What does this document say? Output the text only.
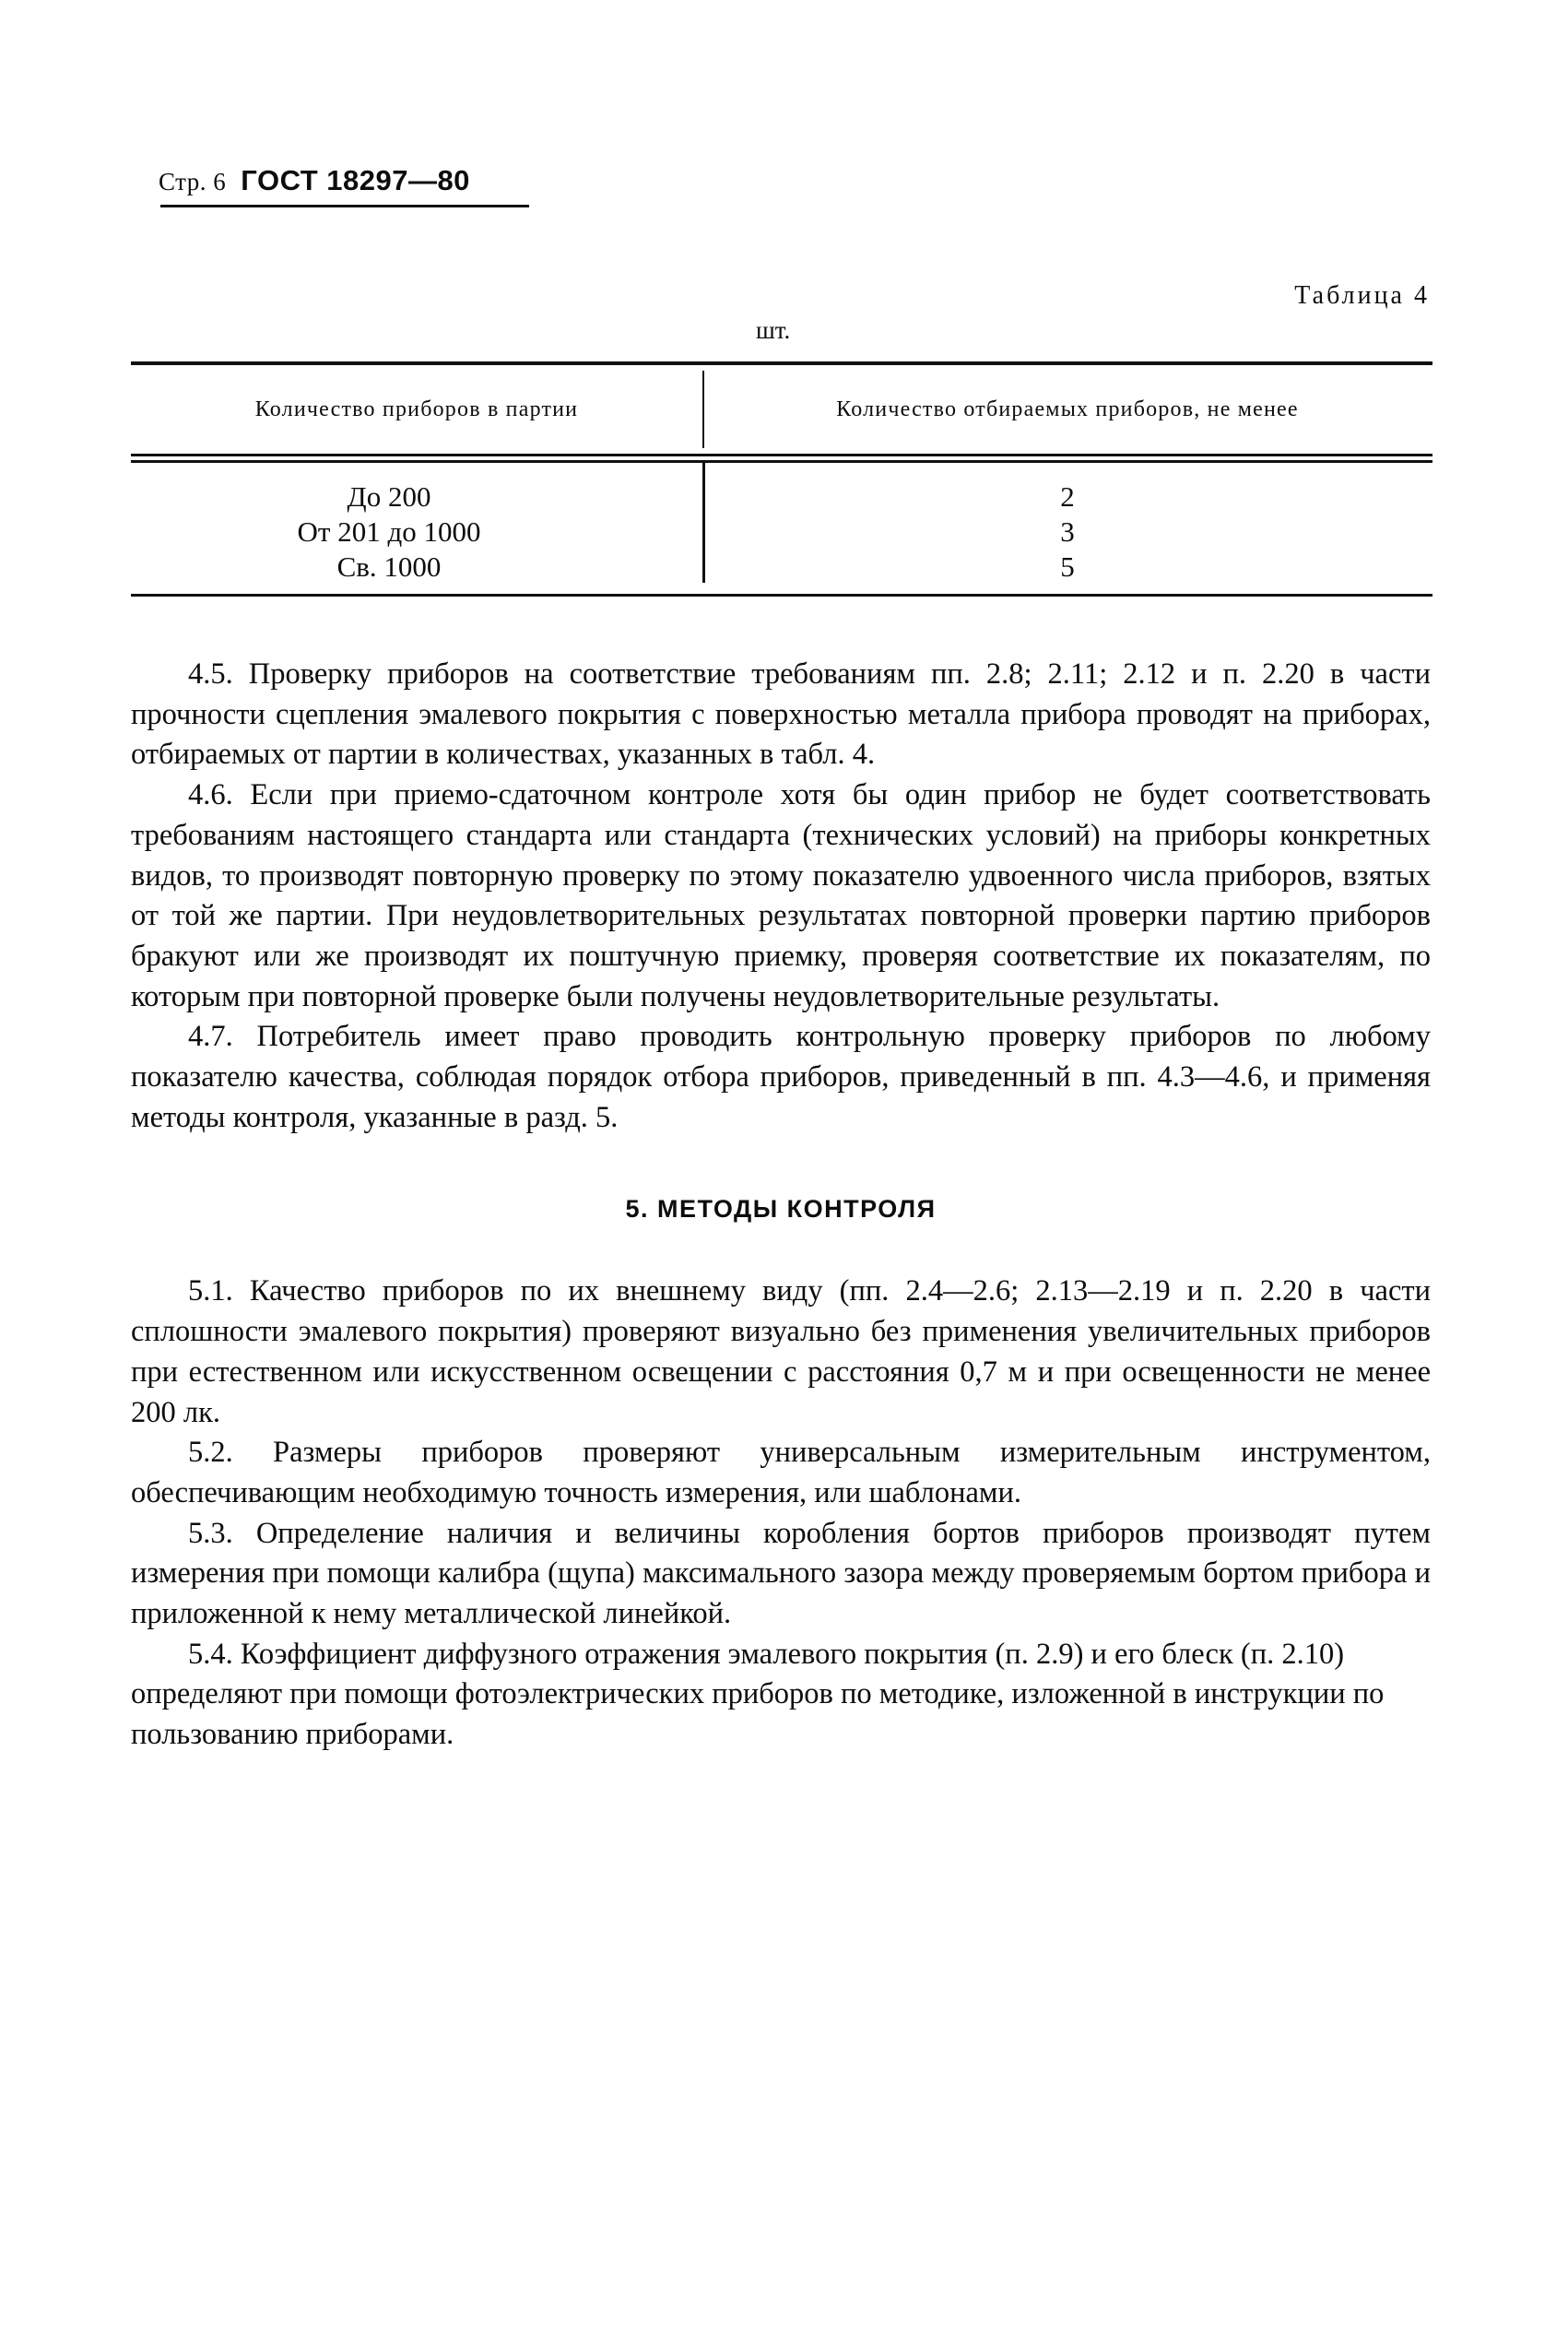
Стр. 6 ГОСТ 18297—80
Таблица 4
шт.
Количество приборов в партии	Количество отбираемых приборов, не менее
До 200	2
От 201 до 1000	3
Св. 1000	5

4.5. Проверку приборов на соответствие требованиям пп. 2.8; 2.11; 2.12 и п. 2.20 в части прочности сцепления эмалевого покрытия с поверхностью металла прибора проводят на приборах, отбираемых от партии в количествах, указанных в табл. 4.

4.6. Если при приемо-сдаточном контроле хотя бы один прибор не будет соответствовать требованиям настоящего стандарта или стандарта (технических условий) на приборы конкретных видов, то производят повторную проверку по этому показателю удвоенного числа приборов, взятых от той же партии. При неудовлетворительных результатах повторной проверки партию приборов бракуют или же производят их поштучную приемку, проверяя соответствие их показателям, по которым при повторной проверке были получены неудовлетворительные результаты.

4.7. Потребитель имеет право проводить контрольную проверку приборов по любому показателю качества, соблюдая порядок отбора приборов, приведенный в пп. 4.3—4.6, и применяя методы контроля, указанные в разд. 5.

5. МЕТОДЫ КОНТРОЛЯ

5.1. Качество приборов по их внешнему виду (пп. 2.4—2.6; 2.13—2.19 и п. 2.20 в части сплошности эмалевого покрытия) проверяют визуально без применения увеличительных приборов при естественном или искусственном освещении с расстояния 0,7 м и при освещенности не менее 200 лк.

5.2. Размеры приборов проверяют универсальным измерительным инструментом, обеспечивающим необходимую точность измерения, или шаблонами.

5.3. Определение наличия и величины коробления бортов приборов производят путем измерения при помощи калибра (щупа) максимального зазора между проверяемым бортом прибора и приложенной к нему металлической линейкой.

5.4. Коэффициент диффузного отражения эмалевого покрытия (п. 2.9) и его блеск (п. 2.10) определяют при помощи фотоэлектрических приборов по методике, изложенной в инструкции по пользованию приборами.
